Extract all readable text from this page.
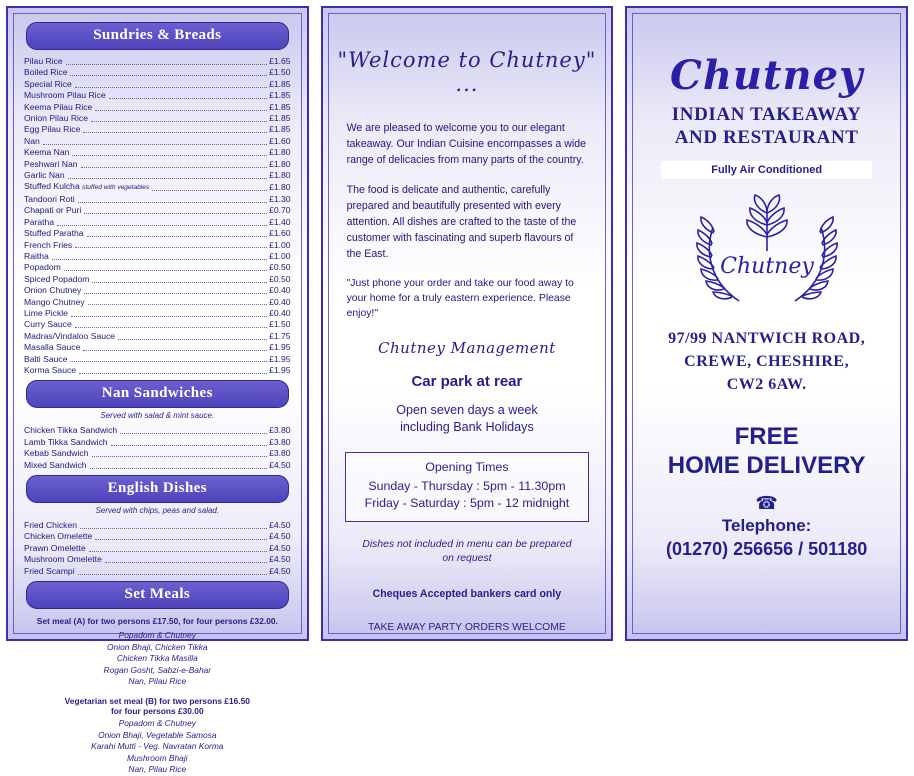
Sundries & Breads
Pilau Rice	£1.65
Boiled Rice	£1.50
Special Rice	£1.85
Mushroom Pilau Rice	£1.85
Keema Pilau Rice	£1.85
Onion Pilau Rice	£1.85
Egg Pilau Rice	£1.85
Nan	£1.60
Keema Nan	£1.80
Peshwari Nan	£1.80
Garlic Nan	£1.80
Stuffed Kulcha stuffed with vegetables	£1.80
Tandoori Roti	£1.30
Chapati or Puri	£0.70
Paratha	£1.40
Stuffed Paratha	£1.60
French Fries	£1.00
Raitha	£1.00
Popadom	£0.50
Spiced Popadom	£0.50
Onion Chutney	£0.40
Mango Chutney	£0.40
Lime Pickle	£0.40
Curry Sauce	£1.50
Madras/Vindaloo Sauce	£1.75
Masalla Sauce	£1.95
Balti Sauce	£1.95
Korma Sauce	£1.95
Nan Sandwiches
Served with salad & mint sauce.
Chicken Tikka Sandwich	£3.80
Lamb Tikka Sandwich	£3.80
Kebab Sandwich	£3.80
Mixed Sandwich	£4.50
English Dishes
Served with chips, peas and salad.
Fried Chicken	£4.50
Chicken Omelette	£4.50
Prawn Omelette	£4.50
Mushroom Omelette	£4.50
Fried Scampi	£4.50
Set Meals
Set meal (A) for two persons £17.50, for four persons £32.00.
Popadom & Chutney
Onion Bhaji, Chicken Tikka
Chicken Tikka Masilla
Rogan Gosht, Sabzi-e-Bahar
Nan, Pilau Rice
Vegetarian set meal (B) for two persons £16.50
for four persons £30.00
Popadom & Chutney
Onion Bhaji, Vegetable Samosa
Karahi Mutti - Veg. Navratan Korma
Mushroom Bhaji
Nan, Pilau Rice
"Welcome to Chutney" ...
We are pleased to welcome you to our elegant takeaway. Our Indian Cuisine encompasses a wide range of delicacies from many parts of the country.
The food is delicate and authentic, carefully prepared and beautifully presented with every attention. All dishes are crafted to the taste of the customer with fascinating and superb flavours of the East.
"Just phone your order and take our food away to your home for a truly eastern experience. Please enjoy!"
Chutney Management
Car park at rear
Open seven days a week
including Bank Holidays
Opening Times
Sunday - Thursday : 5pm - 11.30pm
Friday - Saturday : 5pm - 12 midnight
Dishes not included in menu can be prepared
on request
Cheques Accepted bankers card only
TAKE AWAY PARTY ORDERS WELCOME
Chutney
INDIAN TAKEAWAY
AND RESTAURANT
Fully Air Conditioned
Chutney
97/99 NANTWICH ROAD,
CREWE, CHESHIRE,
CW2 6AW.
FREE
HOME DELIVERY
☎
Telephone:
(01270) 256656 / 501180
